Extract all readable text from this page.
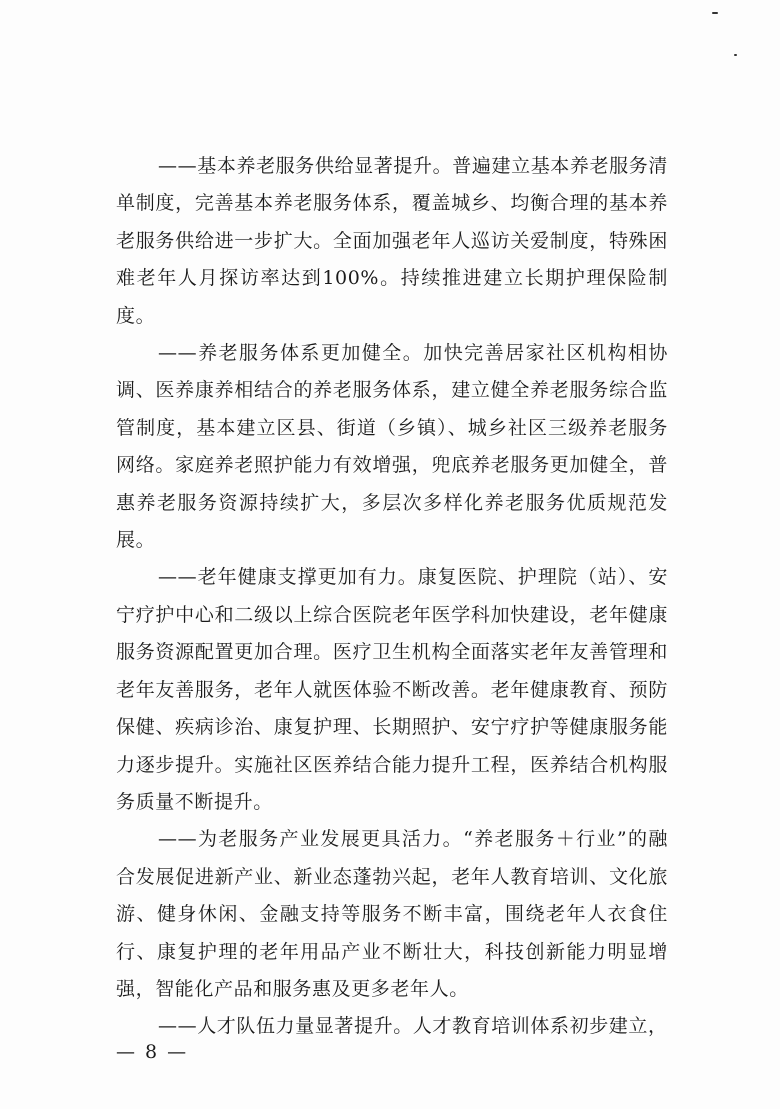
——基本养老服务供给显著提升。普遍建立基本养老服务清单制度，完善基本养老服务体系，覆盖城乡、均衡合理的基本养老服务供给进一步扩大。全面加强老年人巡访关爱制度，特殊困难老年人月探访率达到100%。持续推进建立长期护理保险制度。

——养老服务体系更加健全。加快完善居家社区机构相协调、医养康养相结合的养老服务体系，建立健全养老服务综合监管制度，基本建立区县、街道（乡镇）、城乡社区三级养老服务网络。家庭养老照护能力有效增强，兜底养老服务更加健全，普惠养老服务资源持续扩大，多层次多样化养老服务优质规范发展。

——老年健康支撑更加有力。康复医院、护理院（站）、安宁疗护中心和二级以上综合医院老年医学科加快建设，老年健康服务资源配置更加合理。医疗卫生机构全面落实老年友善管理和老年友善服务，老年人就医体验不断改善。老年健康教育、预防保健、疾病诊治、康复护理、长期照护、安宁疗护等健康服务能力逐步提升。实施社区医养结合能力提升工程，医养结合机构服务质量不断提升。

——为老服务产业发展更具活力。“养老服务＋行业”的融合发展促进新产业、新业态蓬勃兴起，老年人教育培训、文化旅游、健身休闲、金融支持等服务不断丰富，围绕老年人衣食住行、康复护理的老年用品产业不断壮大，科技创新能力明显增强，智能化产品和服务惠及更多老年人。

——人才队伍力量显著提升。人才教育培训体系初步建立，

— 8 —
